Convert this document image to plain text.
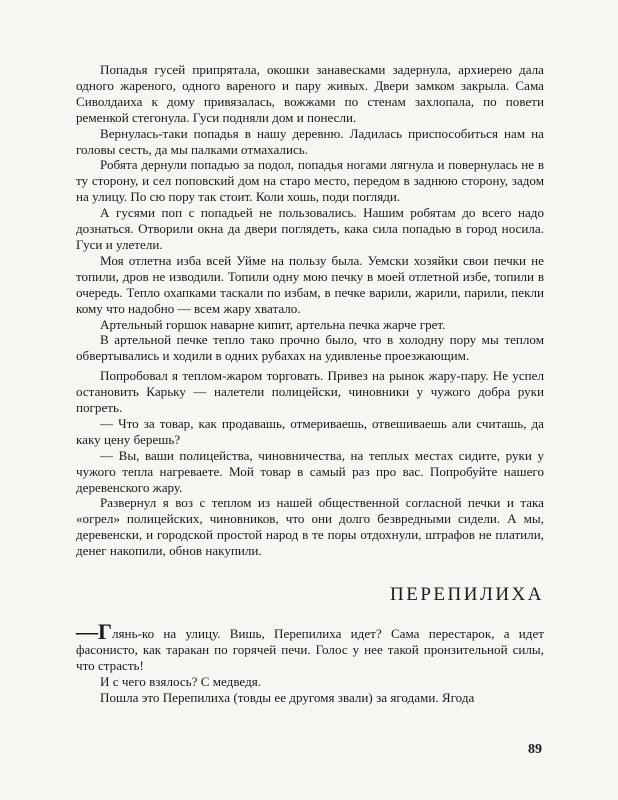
Попадья гусей припрятала, окошки занавесками задернула, архиерею дала одного жареного, одного вареного и пару живых. Двери замком закрыла. Сама Сиволдаиха к дому привязалась, вожжами по стенам захлопала, по повети ременкой стегонула. Гуси подняли дом и понесли.

Вернулась-таки попадья в нашу деревню. Ладилась приспособиться нам на головы сесть, да мы палками отмахались.

Робята дернули попадью за подол, попадья ногами лягнула и повернулась не в ту сторону, и сел поповский дом на старо место, передом в заднюю сторону, задом на улицу. По сю пору так стоит. Коли хошь, поди погляди.

А гусями поп с попадьей не пользовались. Нашим робятам до всего надо дознаться. Отворили окна да двери поглядеть, кака сила попадью в город носила. Гуси и улетели.

Моя отлетна изба всей Уйме на пользу была. Уемски хозяйки свои печки не топили, дров не изводили. Топили одну мою печку в моей отлетной избе, топили в очередь. Тепло охапками таскали по избам, в печке варили, жарили, парили, пекли кому что надобно — всем жару хватало.

Артельный горшок наварне кипит, артельна печка жарче грет.

В артельной печке тепло тако прочно было, что в холодну пору мы теплом обвертывались и ходили в одних рубахах на удивленье проезжающим.

Попробовал я теплом-жаром торговать. Привез на рынок жару-пару. Не успел остановить Карьку — налетели полицейски, чиновники у чужого добра руки погреть.

— Что за товар, как продавашь, отмериваешь, отвешиваешь али считашь, да каку цену берешь?

— Вы, ваши полицейства, чиновничества, на теплых местах сидите, руки у чужого тепла нагреваете. Мой товар в самый раз про вас. Попробуйте нашего деревенского жару.

Развернул я воз с теплом из нашей общественной согласной печки и така «огрел» полицейских, чиновников, что они долго безвредными сидели. А мы, деревенски, и городской простой народ в те поры отдохнули, штрафов не платили, денег накопили, обнов накупили.

ПЕРЕПИЛИХА

—Глянь-ко на улицу. Вишь, Перепилиха идет? Сама перестарок, а идет фасонисто, как таракан по горячей печи. Голос у нее такой пронзительной силы, что страсть!

И с чего взялось? С медведя.

Пошла это Перепилиха (товды ее другомя звали) за ягодами. Ягода

89
